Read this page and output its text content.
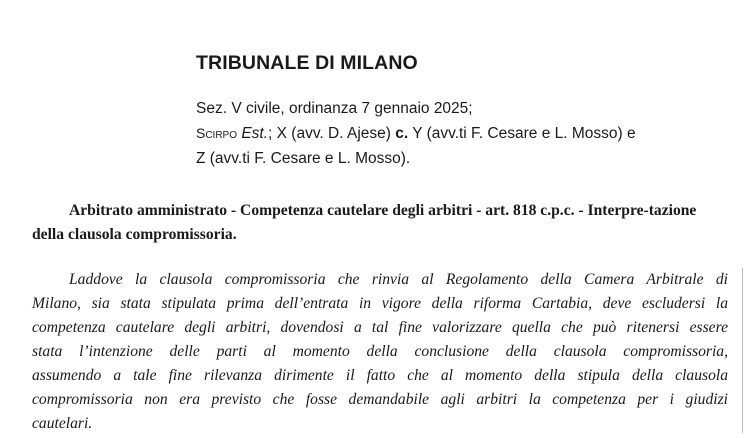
TRIBUNALE DI MILANO
Sez. V civile, ordinanza 7 gennaio 2025;
Scirpo Est.; X (avv. D. Ajese) c. Y (avv.ti F. Cesare e L. Mosso) e
Z (avv.ti F. Cesare e L. Mosso).
Arbitrato amministrato - Competenza cautelare degli arbitri - art. 818 c.p.c. - Interpre-tazione della clausola compromissoria.
Laddove la clausola compromissoria che rinvia al Regolamento della Camera Arbitrale di
Milano, sia stata stipulata prima dell’entrata in vigore della riforma Cartabia, deve escludersi la
competenza cautelare degli arbitri, dovendosi a tal fine valorizzare quella che può ritenersi essere
stata l’intenzione delle parti al momento della conclusione della clausola compromissoria,
assumendo a tale fine rilevanza dirimente il fatto che al momento della stipula della clausola
compromissoria non era previsto che fosse demandabile agli arbitri la competenza per i giudizi
cautelari.
